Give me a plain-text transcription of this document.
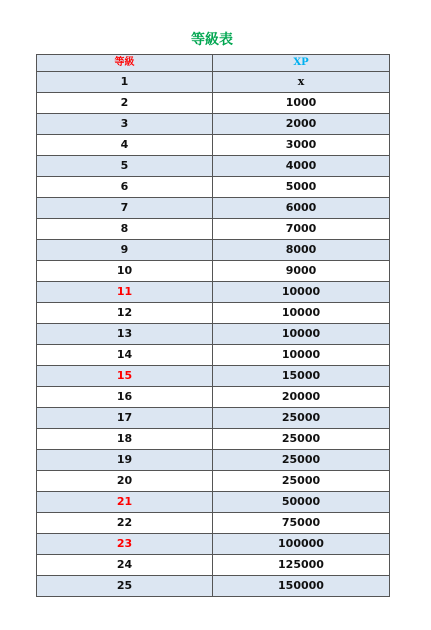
等級表
等級	XP
1	x
2	1000
3	2000
4	3000
5	4000
6	5000
7	6000
8	7000
9	8000
10	9000
11	10000
12	10000
13	10000
14	10000
15	15000
16	20000
17	25000
18	25000
19	25000
20	25000
21	50000
22	75000
23	100000
24	125000
25	150000
